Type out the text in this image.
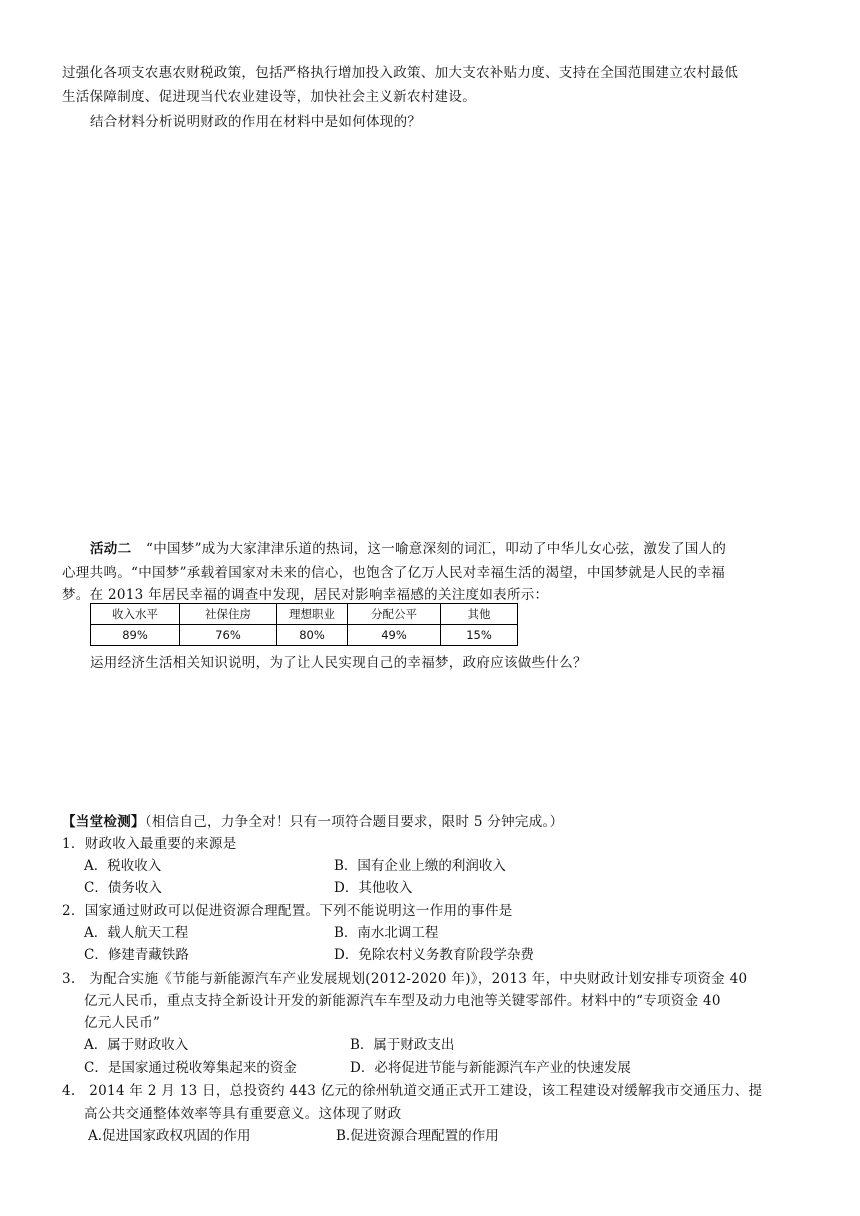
过强化各项支农惠农财税政策，包括严格执行增加投入政策、加大支农补贴力度、支持在全国范围建立农村最低
生活保障制度、促进现当代农业建设等，加快社会主义新农村建设。
结合材料分析说明财政的作用在材料中是如何体现的？
活动二 “中国梦”成为大家津津乐道的热词，这一喻意深刻的词汇，叩动了中华儿女心弦，激发了国人的
心理共鸣。“中国梦”承载着国家对未来的信心，也饱含了亿万人民对幸福生活的渴望，中国梦就是人民的幸福
梦。在 2013 年居民幸福的调查中发现，居民对影响幸福感的关注度如表所示：
收入水平	社保住房	理想职业	分配公平	其他
89%	76%	80%	49%	15%
运用经济生活相关知识说明，为了让人民实现自己的幸福梦，政府应该做些什么？
【当堂检测】（相信自己，力争全对！只有一项符合题目要求，限时 5 分钟完成。）
1．财政收入最重要的来源是
A．税收收入	B．国有企业上缴的利润收入
C．债务收入	D．其他收入
2．国家通过财政可以促进资源合理配置。下列不能说明这一作用的事件是
A．载人航天工程	B．南水北调工程
C．修建青藏铁路	D．免除农村义务教育阶段学杂费
3.　为配合实施《节能与新能源汽车产业发展规划(2012-2020 年)》，2013 年，中央财政计划安排专项资金 40
亿元人民币，重点支持全新设计开发的新能源汽车车型及动力电池等关键零部件。材料中的“专项资金 40
亿元人民币”
A．属于财政收入	B．属于财政支出
C．是国家通过税收筹集起来的资金	D．必将促进节能与新能源汽车产业的快速发展
4.　2014 年 2 月 13 日，总投资约 443 亿元的徐州轨道交通正式开工建设，该工程建设对缓解我市交通压力、提
高公共交通整体效率等具有重要意义。这体现了财政
A.促进国家政权巩固的作用	B.促进资源合理配置的作用
